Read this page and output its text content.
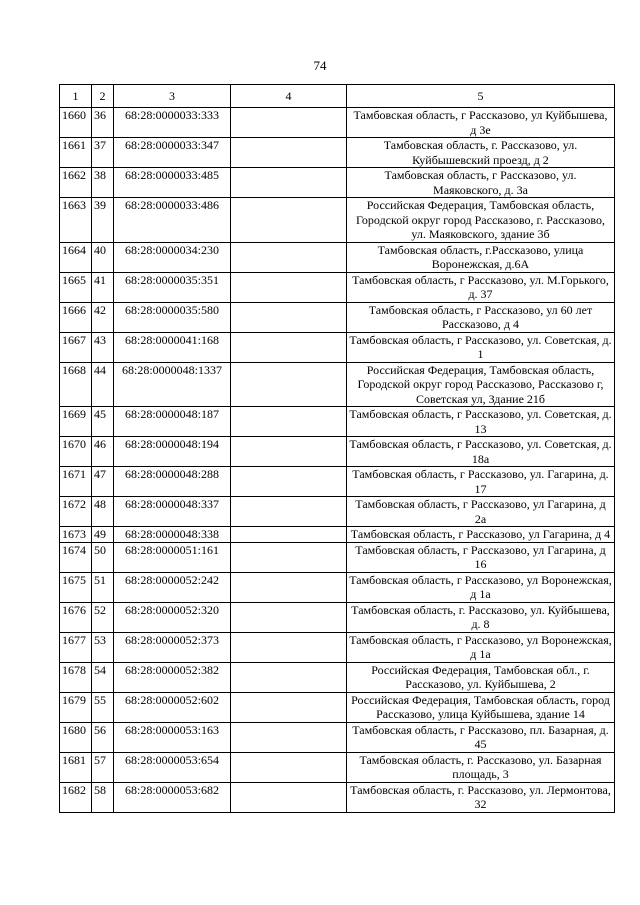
74
1	2	3	4	5
1660	36	68:28:0000033:333		Тамбовская область, г Рассказово, ул Куйбышева, д 3е
1661	37	68:28:0000033:347		Тамбовская область, г. Рассказово, ул. Куйбышевский проезд, д 2
1662	38	68:28:0000033:485		Тамбовская область, г Рассказово, ул. Маяковского, д. 3а
1663	39	68:28:0000033:486		Российская Федерация, Тамбовская область, Городской округ город Рассказово, г. Рассказово, ул. Маяковского, здание 3б
1664	40	68:28:0000034:230		Тамбовская область, г.Рассказово, улица Воронежская, д.6А
1665	41	68:28:0000035:351		Тамбовская область, г Рассказово, ул. М.Горького, д. 37
1666	42	68:28:0000035:580		Тамбовская область, г Рассказово, ул 60 лет Рассказово, д 4
1667	43	68:28:0000041:168		Тамбовская область, г Рассказово, ул. Советская, д. 1
1668	44	68:28:0000048:1337		Российская Федерация, Тамбовская область, Городской округ город Рассказово, Рассказово г, Советская ул, Здание 21б
1669	45	68:28:0000048:187		Тамбовская область, г Рассказово, ул. Советская, д. 13
1670	46	68:28:0000048:194		Тамбовская область, г Рассказово, ул. Советская, д. 18а
1671	47	68:28:0000048:288		Тамбовская область, г Рассказово, ул. Гагарина, д. 17
1672	48	68:28:0000048:337		Тамбовская область, г Рассказово, ул Гагарина, д 2а
1673	49	68:28:0000048:338		Тамбовская область, г Рассказово, ул Гагарина, д 4
1674	50	68:28:0000051:161		Тамбовская область, г Рассказово, ул Гагарина, д 16
1675	51	68:28:0000052:242		Тамбовская область, г Рассказово, ул Воронежская, д 1а
1676	52	68:28:0000052:320		Тамбовская область, г. Рассказово, ул. Куйбышева, д. 8
1677	53	68:28:0000052:373		Тамбовская область, г Рассказово, ул Воронежская, д 1а
1678	54	68:28:0000052:382		Российская Федерация, Тамбовская обл., г. Рассказово, ул. Куйбышева, 2
1679	55	68:28:0000052:602		Российская Федерация, Тамбовская область, город Рассказово, улица Куйбышева, здание 14
1680	56	68:28:0000053:163		Тамбовская область, г Рассказово, пл. Базарная, д. 45
1681	57	68:28:0000053:654		Тамбовская область, г. Рассказово, ул. Базарная площадь, 3
1682	58	68:28:0000053:682		Тамбовская область, г. Рассказово, ул. Лермонтова, 32
